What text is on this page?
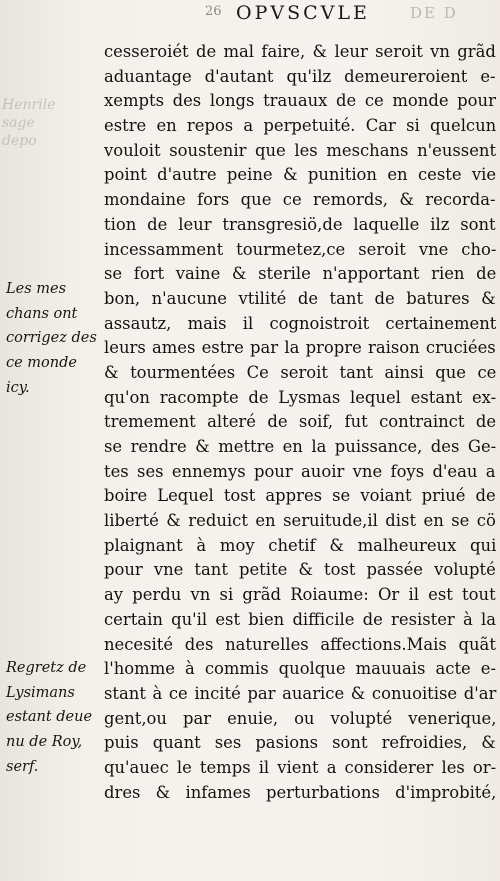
26 OPVSCVLE	DE D
Henrile
sage depo
cesseroiét de mal faire, & leur seroit vn grãd
aduantage d'autant qu'ilz demeureroient e-
xempts des longs trauaux de ce monde pour
estre en repos a perpetuité. Car si quelcun
vouloit soustenir que les meschans n'eussent
point d'autre peine & punition en ceste vie
mondaine fors que ce remords, & recorda-
tion de leur transgresiö,de laquelle ilz sont
incessamment tourmetez,ce seroit vne cho-
se fort vaine & sterile n'apportant rien de
bon, n'aucune vtilité de tant de batures &
assautz, mais il cognoistroit certainement
leurs ames estre par la propre raison cruciées
& tourmentées Ce seroit tant ainsi que ce
qu'on racompte de Lysmas lequel estant ex-
tremement alteré de soif, fut contrainct de
se rendre & mettre en la puissance, des Ge-
tes ses ennemys pour auoir vne foys d'eau a
boire Lequel tost appres se voiant priué de
liberté & reduict en seruitude,il dist en se cö
plaignant à moy chetif & malheureux qui
pour vne tant petite & tost passée volupté
ay perdu vn si grãd Roiaume: Or il est tout
certain qu'il est bien difficile de resister à la
necesité des naturelles affections.Mais quãt
l'homme à commis quolque mauuais acte e-
stant à ce incité par auarice & conuoitise d'ar
gent,ou par enuie, ou volupté venerique,
puis quant ses pasions sont refroidies, &
qu'auec le temps il vient a considerer les or-
dres & infames perturbations d'improbité,
Les mes
chans ont
corrigez des
ce monde
icy.
Regretz de
Lysimans
estant deue
nu de Roy,
serf.
